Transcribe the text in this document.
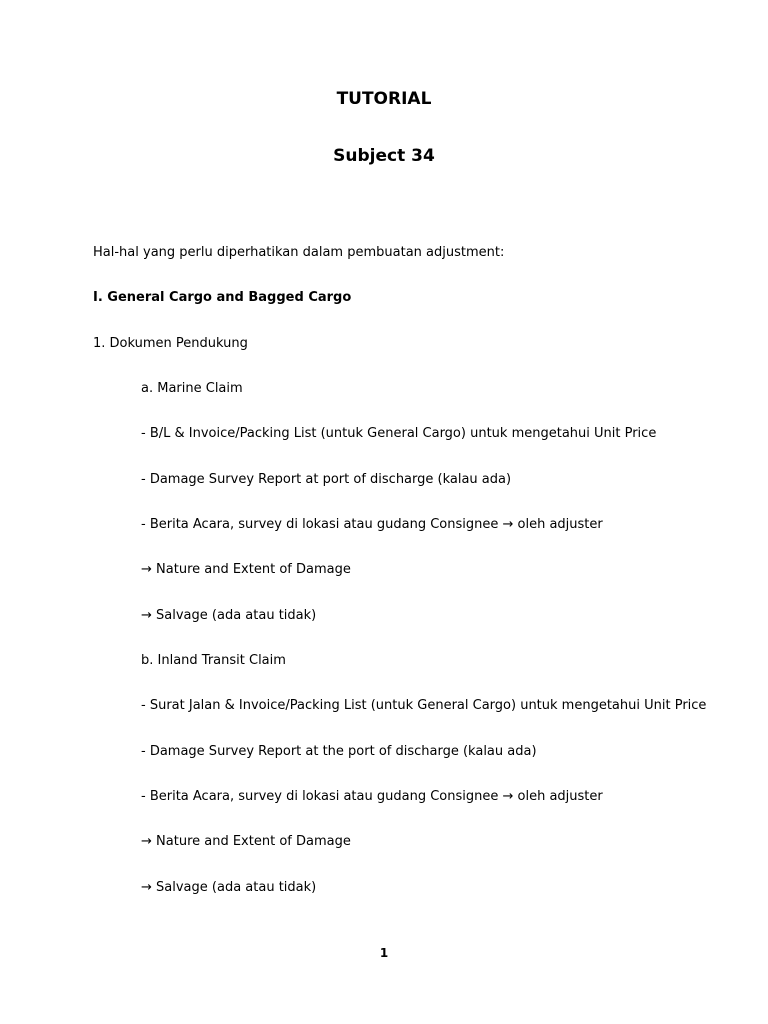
TUTORIAL
Subject 34
Hal-hal yang perlu diperhatikan dalam pembuatan adjustment:
I. General Cargo and Bagged Cargo
1. Dokumen Pendukung
a. Marine Claim
- B/L & Invoice/Packing List (untuk General Cargo) untuk mengetahui Unit Price
- Damage Survey Report at port of discharge (kalau ada)
- Berita Acara, survey di lokasi atau gudang Consignee → oleh adjuster
→ Nature and Extent of Damage
→ Salvage (ada atau tidak)
b. Inland Transit Claim
- Surat Jalan & Invoice/Packing List (untuk General Cargo) untuk mengetahui Unit Price
- Damage Survey Report at the port of discharge (kalau ada)
- Berita Acara, survey di lokasi atau gudang Consignee → oleh adjuster
→ Nature and Extent of Damage
→ Salvage (ada atau tidak)
1
